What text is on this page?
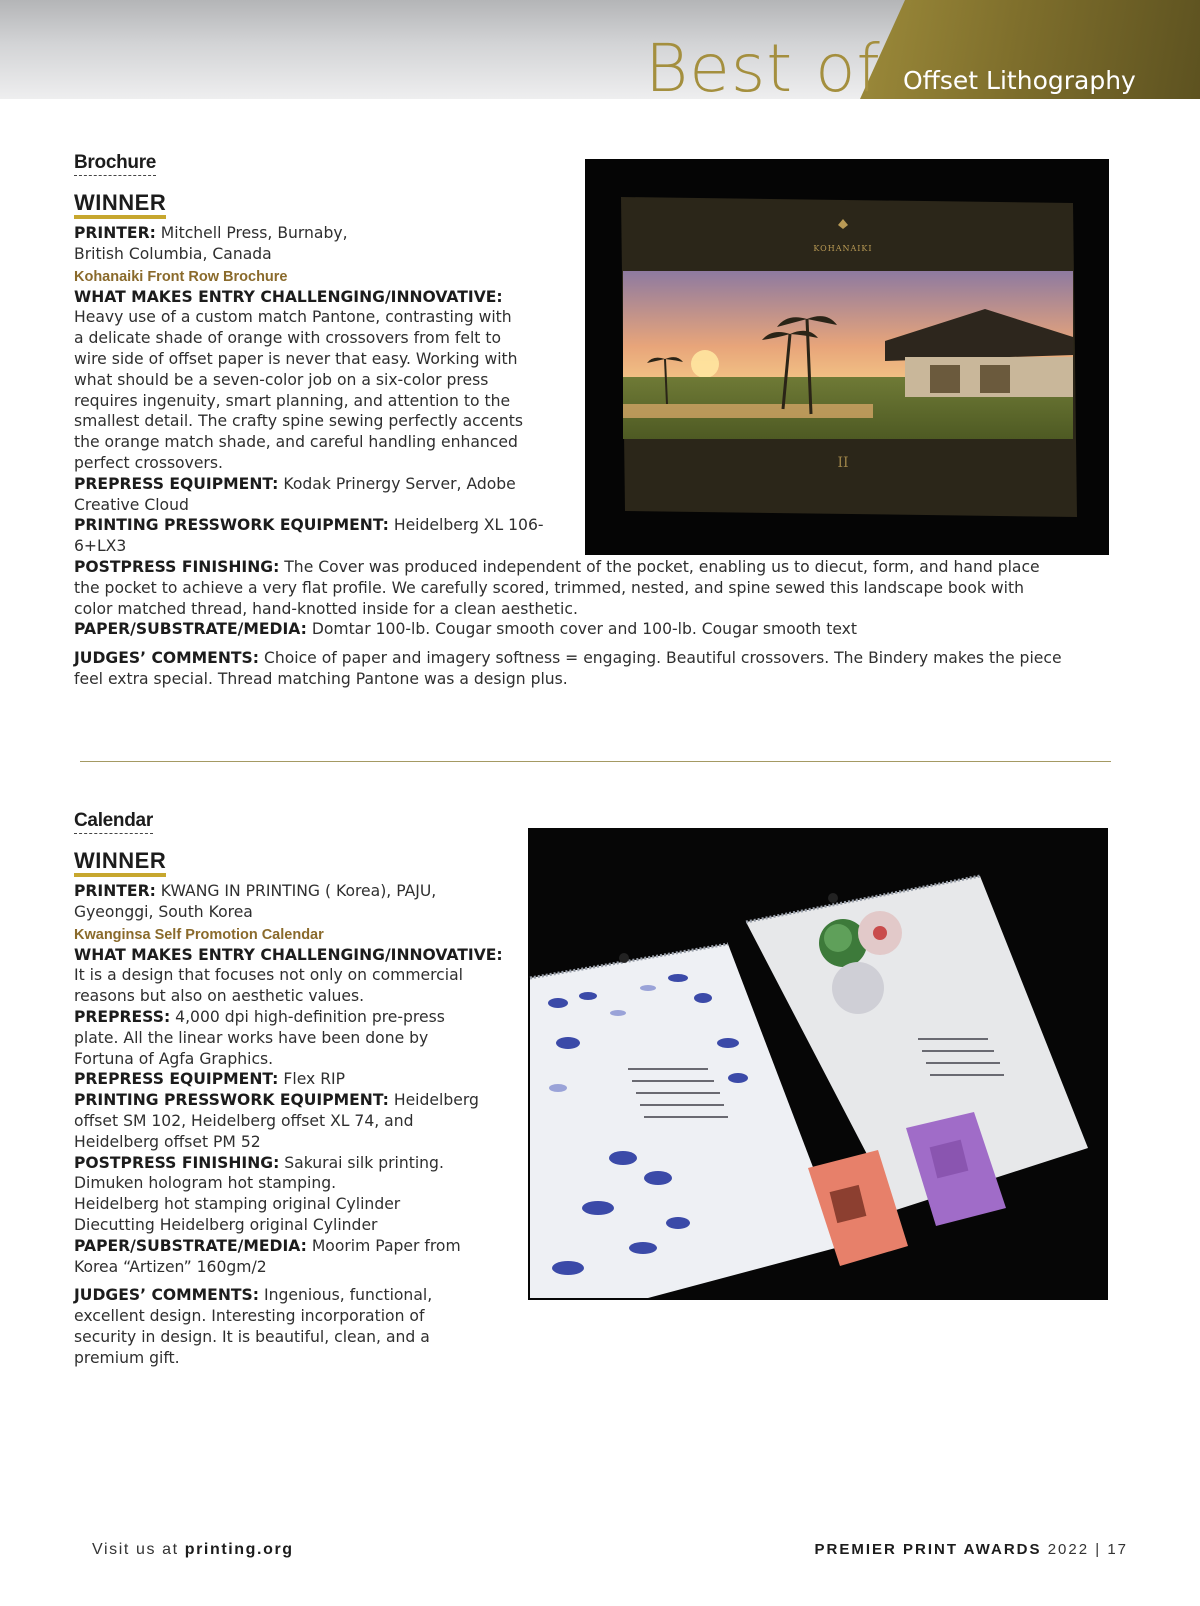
Best of Offset Lithography
Brochure
WINNER
PRINTER: Mitchell Press, Burnaby,
British Columbia, Canada
Kohanaiki Front Row Brochure
WHAT MAKES ENTRY CHALLENGING/INNOVATIVE:
Heavy use of a custom match Pantone, contrasting with
a delicate shade of orange with crossovers from felt to
wire side of offset paper is never that easy. Working with
what should be a seven-color job on a six-color press
requires ingenuity, smart planning, and attention to the
smallest detail. The crafty spine sewing perfectly accents
the orange match shade, and careful handling enhanced
perfect crossovers.
PREPRESS EQUIPMENT: Kodak Prinergy Server, Adobe
Creative Cloud
PRINTING PRESSWORK EQUIPMENT: Heidelberg XL 106-
6+LX3
POSTPRESS FINISHING: The Cover was produced independent of the pocket, enabling us to diecut, form, and hand place
the pocket to achieve a very flat profile. We carefully scored, trimmed, nested, and spine sewed this landscape book with
color matched thread, hand-knotted inside for a clean aesthetic.
PAPER/SUBSTRATE/MEDIA: Domtar 100-lb. Cougar smooth cover and 100-lb. Cougar smooth text
JUDGES’ COMMENTS: Choice of paper and imagery softness = engaging. Beautiful crossovers. The Bindery makes the piece
feel extra special. Thread matching Pantone was a design plus.
KOHANAIKI
II
Calendar
WINNER
PRINTER: KWANG IN PRINTING ( Korea), PAJU,
Gyeonggi, South Korea
Kwanginsa Self Promotion Calendar
WHAT MAKES ENTRY CHALLENGING/INNOVATIVE:
It is a design that focuses not only on commercial
reasons but also on aesthetic values.
PREPRESS: 4,000 dpi high-definition pre-press
plate. All the linear works have been done by
Fortuna of Agfa Graphics.
PREPRESS EQUIPMENT: Flex RIP
PRINTING PRESSWORK EQUIPMENT: Heidelberg
offset SM 102, Heidelberg offset XL 74, and
Heidelberg offset PM 52
POSTPRESS FINISHING: Sakurai silk printing.
Dimuken hologram hot stamping.
Heidelberg hot stamping original Cylinder
Diecutting Heidelberg original Cylinder
PAPER/SUBSTRATE/MEDIA: Moorim Paper from
Korea “Artizen” 160gm/2
JUDGES’ COMMENTS: Ingenious, functional,
excellent design. Interesting incorporation of
security in design. It is beautiful, clean, and a
premium gift.
Visit us at printing.org	PREMIER PRINT AWARDS 2022 | 17
